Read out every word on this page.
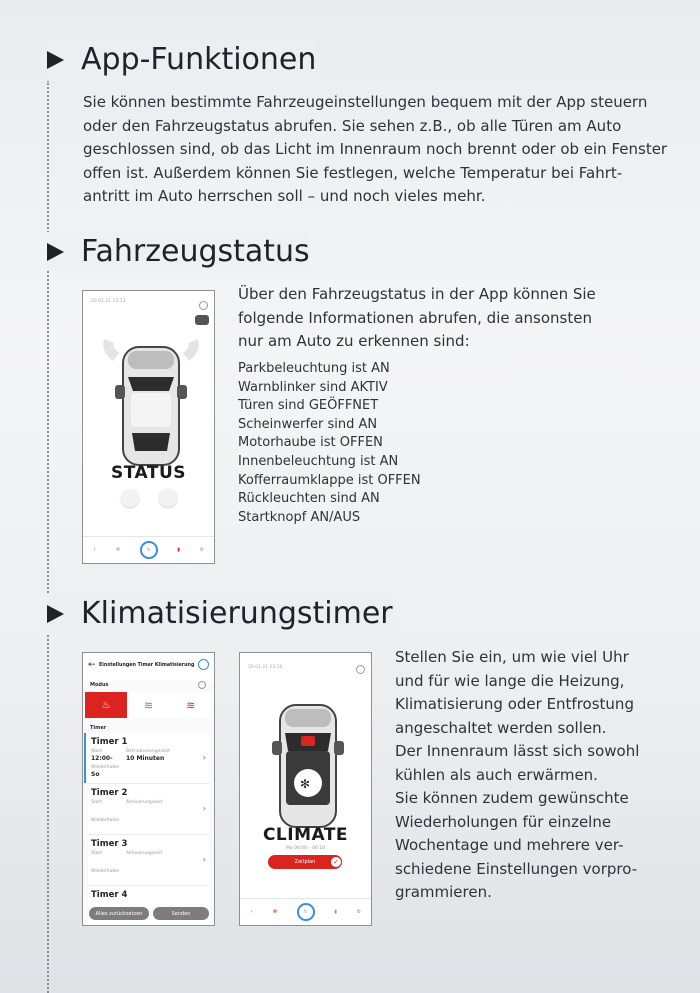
App-Funktionen
Sie können bestimmte Fahrzeugeinstellungen bequem mit der App steuern
oder den Fahrzeugstatus abrufen. Sie sehen z.B., ob alle Türen am Auto
geschlossen sind, ob das Licht im Innenraum noch brennt oder ob ein Fenster
offen ist. Außerdem können Sie festlegen, welche Temperatur bei Fahrt-
antritt im Auto herrschen soll – und noch vieles mehr.
Fahrzeugstatus
20.01.21 13:13
STATUS
⚡	✻	↻	▮	⚙
Über den Fahrzeugstatus in der App können Sie
folgende Informationen abrufen, die ansonsten
nur am Auto zu erkennen sind:
Parkbeleuchtung ist AN
Warnblinker sind AKTIV
Türen sind GEÖFFNET
Scheinwerfer sind AN
Motorhaube ist OFFEN
Innenbeleuchtung ist AN
Kofferraumklappe ist OFFEN
Rückleuchten sind AN
Startknopf AN/AUS
Klimatisierungstimer
← Einstellungen Timer Klimatisierung
Modus
♨	≋	≋
Timer
Timer 1
Start
12:00-
Betriebsmenge/zeit
10 Minuten
Wiederholen
So
›
Timer 2
Start	Aktivierungszeit
Wiederholen
›
Timer 3
Start	Aktivierungszeit
Wiederholen
›
Timer 4
Alles zurücksetzen	Senden
20.01.21 13:10
✻
CLIMATE
Mo 06:00 – 06:10
Zeitplan	✓
⚡	✻	↻	▮	⚙
Stellen Sie ein, um wie viel Uhr
und für wie lange die Heizung,
Klimatisierung oder Entfrostung
angeschaltet werden sollen.
Der Innenraum lässt sich sowohl
kühlen als auch erwärmen.
Sie können zudem gewünschte
Wiederholungen für einzelne
Wochentage und mehrere ver-
schiedene Einstellungen vorpro-
grammieren.
